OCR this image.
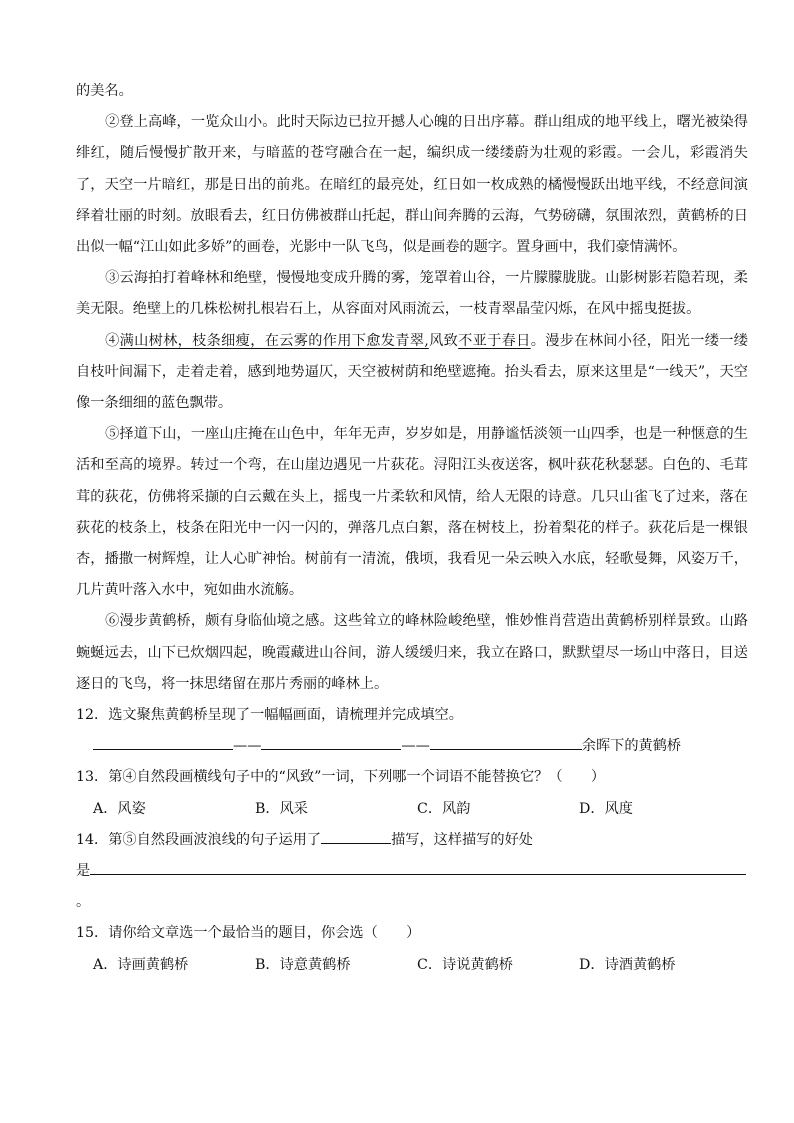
的美名。

②登上高峰，一览众山小。此时天际边已拉开撼人心魄的日出序幕。群山组成的地平线上，曙光被染得绯红，随后慢慢扩散开来，与暗蓝的苍穹融合在一起，编织成一缕缕蔚为壮观的彩霞。一会儿，彩霞消失了，天空一片暗红，那是日出的前兆。在暗红的最亮处，红日如一枚成熟的橘慢慢跃出地平线，不经意间演绎着壮丽的时刻。放眼看去，红日仿佛被群山托起，群山间奔腾的云海，气势磅礴，氛围浓烈，黄鹤桥的日出似一幅“江山如此多娇”的画卷，光影中一队飞鸟，似是画卷的题字。置身画中，我们豪情满怀。

③云海拍打着峰林和绝壁，慢慢地变成升腾的雾，笼罩着山谷，一片朦朦胧胧。山影树影若隐若现，柔美无限。绝壁上的几株松树扎根岩石上，从容面对风雨流云，一枝青翠晶莹闪烁，在风中摇曳挺拔。

④满山树林，枝条细瘦，在云雾的作用下愈发青翠,风致不亚于春日。漫步在林间小径，阳光一缕一缕自枝叶间漏下，走着走着，感到地势逼仄，天空被树荫和绝壁遮掩。抬头看去，原来这里是“一线天”，天空像一条细细的蓝色飘带。

⑤择道下山，一座山庄掩在山色中，年年无声，岁岁如是，用静谧恬淡领一山四季，也是一种惬意的生活和至高的境界。转过一个弯，在山崖边遇见一片荻花。浔阳江头夜送客，枫叶荻花秋瑟瑟。白色的、毛茸茸的荻花，仿佛将采撷的白云戴在头上，摇曳一片柔软和风情，给人无限的诗意。几只山雀飞了过来，落在荻花的枝条上，枝条在阳光中一闪一闪的，弹落几点白絮，落在树枝上，扮着梨花的样子。荻花后是一棵银杏，播撒一树辉煌，让人心旷神怡。树前有一清流，俄顷，我看见一朵云映入水底，轻歌曼舞，风姿万千，几片黄叶落入水中，宛如曲水流觞。

⑥漫步黄鹤桥，颇有身临仙境之感。这些耸立的峰林险峻绝壁，惟妙惟肖营造出黄鹤桥别样景致。山路蜿蜒远去，山下已炊烟四起，晚霞藏进山谷间，游人缓缓归来，我立在路口，默默望尽一场山中落日，目送逐日的飞鸟，将一抹思绪留在那片秀丽的峰林上。

12．选文聚焦黄鹤桥呈现了一幅幅画面，请梳理并完成填空。

——	——	余晖下的黄鹤桥

13．第④自然段画横线句子中的“风致”一词，下列哪一个词语不能替换它？（　　）

A．风姿	B．风采	C．风韵	D．风度

14．第⑤自然段画波浪线的句子运用了	描写，这样描写的好处

是

。

15．请你给文章选一个最恰当的题目，你会选（　　）

A．诗画黄鹤桥	B．诗意黄鹤桥	C．诗说黄鹤桥	D．诗酒黄鹤桥
